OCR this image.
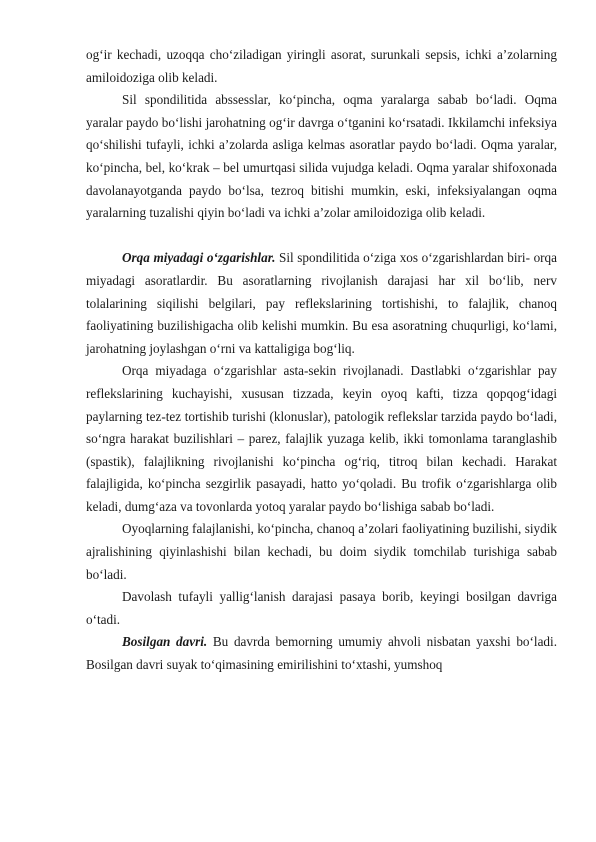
og‘ir kechadi, uzoqqa cho‘ziladigan yiringli asorat, surunkali sepsis, ichki a’zolarning amiloidoziga olib keladi.

Sil spondilitida abssesslar, ko‘pincha, oqma yaralarga sabab bo‘ladi. Oqma yaralar paydo bo‘lishi jarohatning og‘ir davrga o‘tganini ko‘rsatadi. Ikkilamchi infeksiya qo‘shilishi tufayli, ichki a’zolarda asliga kelmas asoratlar paydo bo‘ladi. Oqma yaralar, ko‘pincha, bel, ko‘krak – bel umurtqasi silida vujudga keladi. Oqma yaralar shifoxonada davolanayotganda paydo bo‘lsa, tezroq bitishi mumkin, eski, infeksiyalangan oqma yaralarning tuzalishi qiyin bo‘ladi va ichki a’zolar amiloidoziga olib keladi.

Orqa miyadagi o‘zgarishlar. Sil spondilitida o‘ziga xos o‘zgarishlardan biri- orqa miyadagi asoratlardir. Bu asoratlarning rivojlanish darajasi har xil bo‘lib, nerv tolalarining siqilishi belgilari, pay reflekslarining tortishishi, to falajlik, chanoq faoliyatining buzilishigacha olib kelishi mumkin. Bu esa asoratning chuqurligi, ko‘lami, jarohatning joylashgan o‘rni va kattaligiga bog‘liq.

Orqa miyadaga o‘zgarishlar asta-sekin rivojlanadi. Dastlabki o‘zgarishlar pay reflekslarining kuchayishi, xususan tizzada, keyin oyoq kafti, tizza qopqog‘idagi paylarning tez-tez tortishib turishi (klonuslar), patologik reflekslar tarzida paydo bo‘ladi, so‘ngra harakat buzilishlari – parez, falajlik yuzaga kelib, ikki tomonlama taranglashib (spastik), falajlikning rivojlanishi ko‘pincha og‘riq, titroq bilan kechadi. Harakat falajligida, ko‘pincha sezgirlik pasayadi, hatto yo‘qoladi. Bu trofik o‘zgarishlarga olib keladi, dumg‘aza va tovonlarda yotoq yaralar paydo bo‘lishiga sabab bo‘ladi.

Oyoqlarning falajlanishi, ko‘pincha, chanoq a’zolari faoliyatining buzilishi, siydik ajralishining qiyinlashishi bilan kechadi, bu doim siydik tomchilab turishiga sabab bo‘ladi.

Davolash tufayli yallig‘lanish darajasi pasaya borib, keyingi bosilgan davriga o‘tadi.

Bosilgan davri. Bu davrda bemorning umumiy ahvoli nisbatan yaxshi bo‘ladi. Bosilgan davri suyak to‘qimasining emirilishini to‘xtashi, yumshoq
